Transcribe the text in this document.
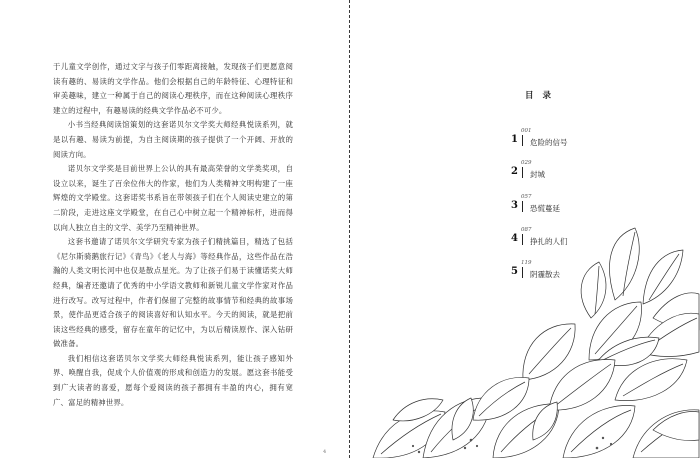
于儿童文学创作，通过文字与孩子们零距离接触，发现孩子们更愿意阅读有趣的、易读的文学作品。他们会根据自己的年龄特征、心理特征和审美趣味，建立一种属于自己的阅读心理秩序，而在这种阅读心理秩序建立的过程中，有趣易读的经典文学作品必不可少。

小书当经典阅读馆策划的这套诺贝尔文学奖大师经典悦读系列，就是以有趣、易读为前提，为自主阅读期的孩子提供了一个开阔、开放的阅读方向。

诺贝尔文学奖是目前世界上公认的具有最高荣誉的文学类奖项，自设立以来，诞生了百余位伟大的作家，他们为人类精神文明构建了一座辉煌的文学殿堂。这套诺奖书系旨在带领孩子们在个人阅读史建立的第二阶段，走进这座文学殿堂，在自己心中树立起一个精神标杆，进而得以向人独立自主的文学、美学乃至精神世界。

这套书邀请了诺贝尔文学研究专家为孩子们精挑篇目，精选了包括《尼尔斯骑鹅旅行记》《青鸟》《老人与海》等经典作品，这些作品在浩瀚的人类文明长河中也仅是散点星光。为了让孩子们易于读懂诺奖大师经典，编者还邀请了优秀的中小学语文教师和新锐儿童文学作家对作品进行改写。改写过程中，作者们保留了完整的故事情节和经典的故事场景，使作品更适合孩子的阅读喜好和认知水平。今天的阅读，就是把前读这些经典的感受，留存在童年的记忆中，为以后精读原作、深入钻研做准备。

我们相信这套诺贝尔文学奖大师经典悦读系列，能让孩子感知外界、唤醒自我，促成个人价值观的形成和创造力的发展。愿这套书能受到广大读者的喜爱，愿每个爱阅读的孩子都拥有丰盈的内心，拥有宽广、富足的精神世界。

4
目 录
001
1 危险的信号
029
2 封城
057
3 恐慌蔓延
087
4 挣扎的人们
119
5 阴霾散去
